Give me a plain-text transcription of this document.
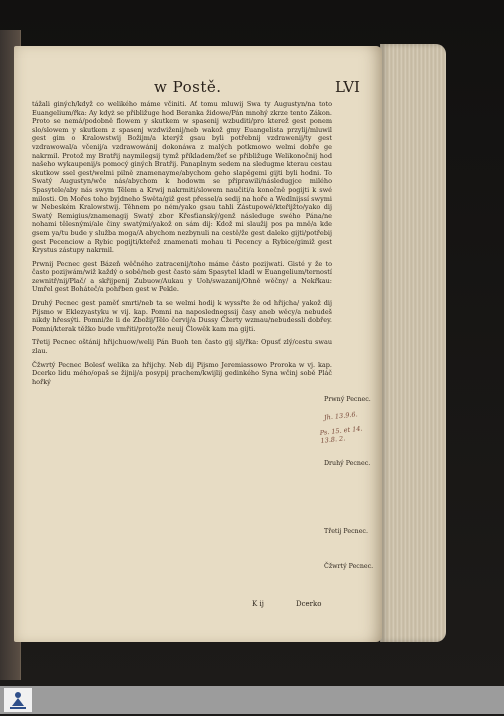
w Postě.	LVI

tážali giných/když co welikého máme včiniti. Ať tomu mluwij Swa ty Augustyn/na toto Euangelium/řka: Ay kdyż se přibližuge hod Beranka židowe/Pán mnohý zkrze tento Zákon. Proto se nemá/podobně flowem y skutkem w spasenij wzbuditi/pro kterež gest ponem slo/slowem y skutkem z spasenj wzdwiženij/neb wakož gmy Euangelista przylij/mluwil gest gim o Kralowstwij Božijm/a kterýž gsau byli potřebnij vzdrawenij/ty gest vzdrawowal/a včenij/a vzdrawowánij dokonáwa z malých potkmowo welmi dobře ge nakrmil. Protož my Bratřij naymilegsij tymž příkladem/žeť se přibližuge Welikonočnij hod našeho wykaupenij/s pomocý giných Bratřij. Panaplnym sedem na sledugme kterau cestau skutkow ssel gest/welmi pilně znamenayme/abychom geho slapěgemi gijti byli hodni. To Swatý Augustyn/wče nás/abychom k hodowm se připrawili/následugjce milého Spasytele/aby nás swym Tělem a Krwij nakrmiti/slowem naučiti/a konečně pogijti k swé milosti. On Mořes toho byjdneho Swěta/giž gest přessel/a sedij na hoře a Wedlnijssí swymi w Nebeském Kralowstwij. Těhnem po ném/yako gsau tahli Zástupowé/kteřijžto/yako dij Swatý Remigius/znamenagij Swatý zbor Křesťianský/genž následuge swého Pána/ne nohami tělesnými/ale činy swatými/yakož on sám dij: Kdož mi slaužij pos pa mně/a kde gsem ya/tu bude y služba moga/A abychom nezbynuli na cestě/že gest daleko gijti/potřebij gest Pecenciow a Rybic pogijti/kteřež znamenati mohau ti Pecency a Rybice/gimiž gest Krystus zástupy nakrmil.

Prwnij Pecnec gest Bázeň wěčného zatracenij/toho máme částo pozijwati. Gisté y že to často pozijwám/wiž každý o sobě/neb gest často sám Spasytel kladl w Euangelium/terností zewnitř/nij/Plač/ a skřijpenij Zubuow/Aukau y Uoh/swazanij/Ohně wěčny/ a Nekřkau: Umřel gest Boháteč/a pohřben gest w Pekle.

Druhý Pecnec gest paměť smrti/neb ta se welmi hodij k wyssřte že od hřijcha/ yakož dij Pijsmo w Eklezyastyku w vij. kap. Pomni na naposlednegssij časy aneb wěcy/a nebudeš nikdy hřessýti. Pomni/že li de Zbožij/Tělo červij/a Dussy Čžerty wzmau/nebudessli dobřey. Pomni/kterak těžko bude vmřiti/proto/že neuij Člowěk kam ma gijti.

Třetij Pecnec oštánij hřijchuow/welij Pán Buoh ten často gij slj/řka: Opusť zlý/cestu swau zlau.

Čžwrtý Pecnec Bolesť welika za hřijchy. Neb dij Pijsmo Jeremiassowo Proroka w vj. kap. Dcerko lidu mého/opaš se žijnij/a posypij prachem/kwijlij gedinkého Syna wčinj sobě Pláč hořký

Prwný Pecnec.
Jh. 13.9.6.
Ps. 15. et 14. 13.8. 2.
Druhý Pecnec.
Třetij Pecnec.
Čžwrtý Pecnec.
K ij	Dcerko
